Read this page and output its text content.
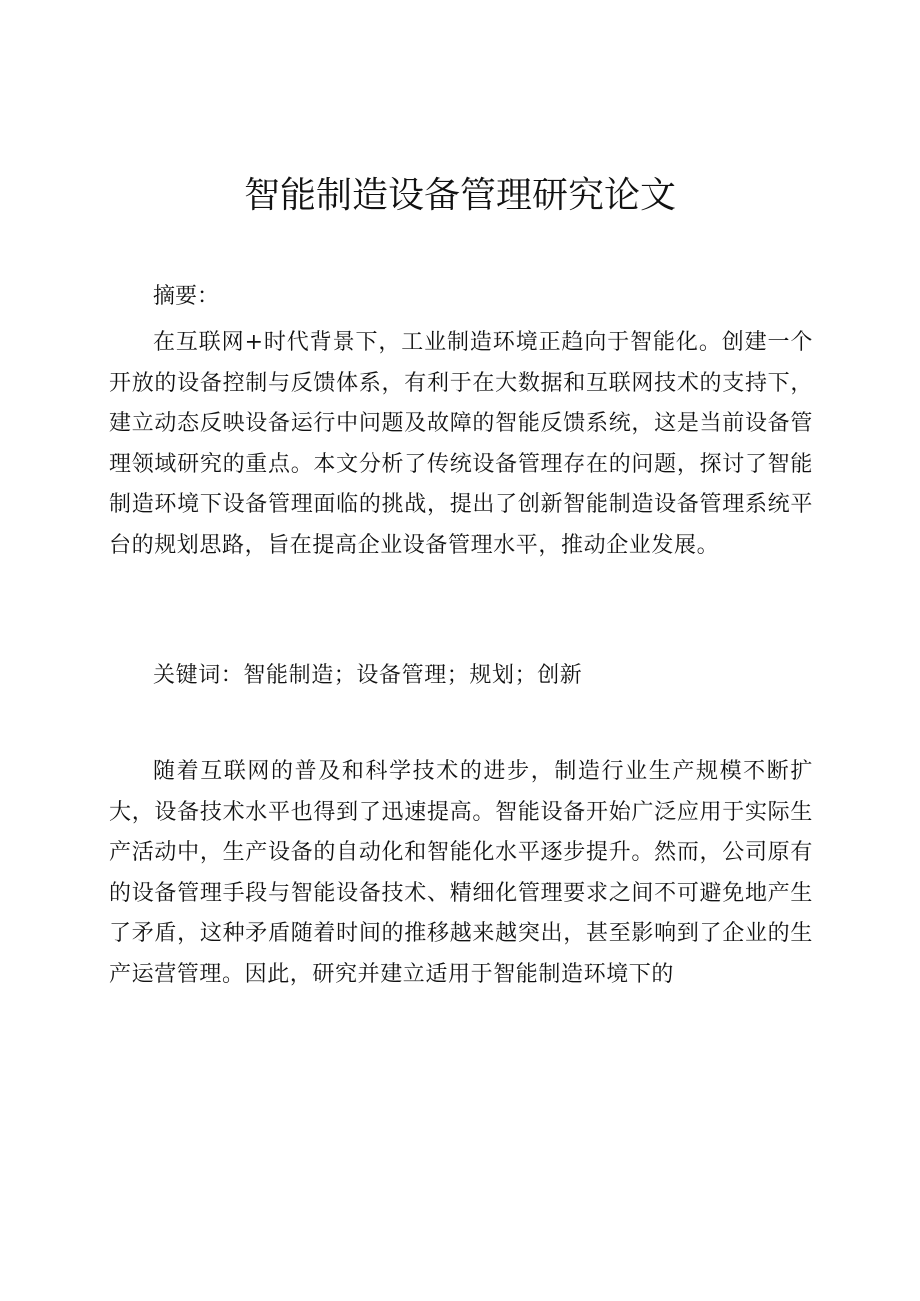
智能制造设备管理研究论文
摘要：

在互联网+时代背景下，工业制造环境正趋向于智能化。创建一个开放的设备控制与反馈体系，有利于在大数据和互联网技术的支持下，建立动态反映设备运行中问题及故障的智能反馈系统，这是当前设备管理领域研究的重点。本文分析了传统设备管理存在的问题，探讨了智能制造环境下设备管理面临的挑战，提出了创新智能制造设备管理系统平台的规划思路，旨在提高企业设备管理水平，推动企业发展。

关键词：智能制造；设备管理；规划；创新

随着互联网的普及和科学技术的进步，制造行业生产规模不断扩大，设备技术水平也得到了迅速提高。智能设备开始广泛应用于实际生产活动中，生产设备的自动化和智能化水平逐步提升。然而，公司原有的设备管理手段与智能设备技术、精细化管理要求之间不可避免地产生了矛盾，这种矛盾随着时间的推移越来越突出，甚至影响到了企业的生产运营管理。因此，研究并建立适用于智能制造环境下的
